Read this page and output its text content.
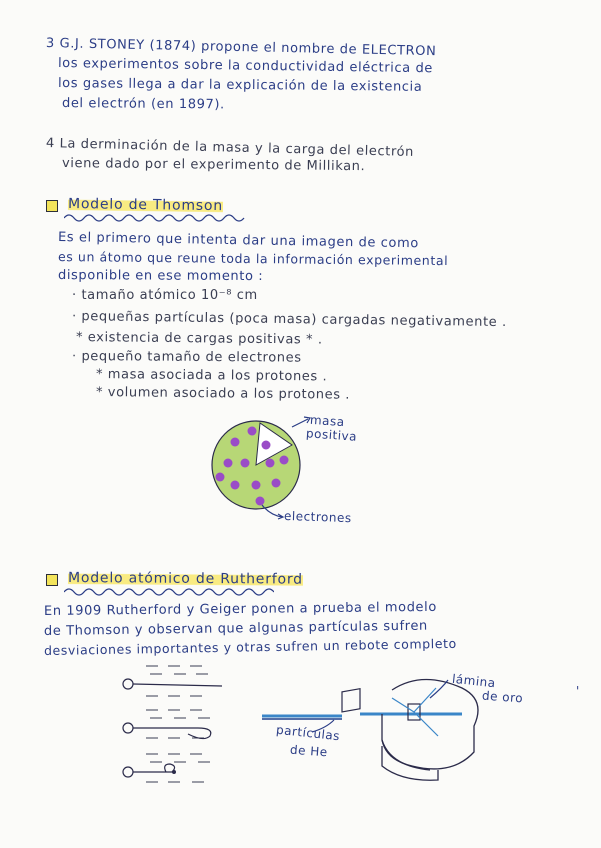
3 G.J. STONEY (1874) propone el nombre de ELECTRON
los experimentos sobre la conductividad eléctrica de
los gases llega a dar la explicación de la existencia
del electrón (en 1897).
4 La derminación de la masa y la carga del electrón
viene dado por el experimento de Millikan.
Modelo de Thomson
Es el primero que intenta dar una imagen de como
es un átomo que reune toda la información experimental
disponible en ese momento :
· tamaño atómico 10⁻⁸ cm
· pequeñas partículas (poca masa) cargadas negativamente .
* existencia de cargas positivas * .
· pequeño tamaño de electrones
* masa asociada a los protones .
* volumen asociado a los protones .
masa
positiva
electrones
Modelo atómico de Rutherford
En 1909 Rutherford y Geiger ponen a prueba el modelo
de Thomson y observan que algunas partículas sufren
desviaciones importantes y otras sufren un rebote completo
lámina
de oro
partículas
de He
'
